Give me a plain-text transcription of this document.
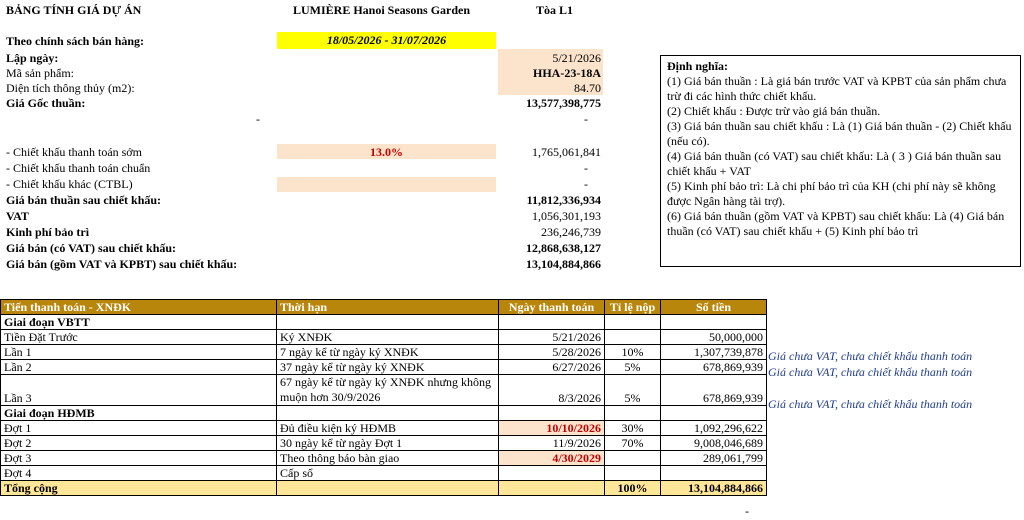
BẢNG TÍNH GIÁ DỰ ÁN	LUMIÈRE Hanoi Seasons Garden	Tòa L1
Theo chính sách bán hàng:	18/05/2026 - 31/07/2026
Lập ngày:	5/21/2026
Mã sản phẩm:	HHA-23-18A
Diện tích thông thủy (m2):	84.70
Giá Gốc thuần:	13,577,398,775
-	-
- Chiết khấu thanh toán sớm	13.0%	1,765,061,841
- Chiết khấu thanh toán chuẩn	-
- Chiết khấu khác (CTBL)	-
Giá bán thuần sau chiết khấu:	11,812,336,934
VAT	1,056,301,193
Kinh phí bảo trì	236,246,739
Giá bán (có VAT) sau chiết khấu:	12,868,638,127
Giá bán (gồm VAT và KPBT) sau chiết khấu:	13,104,884,866
Định nghĩa:
(1) Giá bán thuần : Là giá bán trước VAT và KPBT của sản phẩm chưa trừ đi các hình thức chiết khấu.
(2) Chiết khấu : Được trừ vào giá bán thuần.
(3) Giá bán thuần sau chiết khấu : Là (1) Giá bán thuần - (2) Chiết khấu (nếu có).
(4) Giá bán thuần (có VAT) sau chiết khấu: Là ( 3 ) Giá bán thuần sau chiết khấu + VAT
(5) Kinh phí bảo trì: Là chi phí bảo trì của KH (chi phí này sẽ không được Ngân hàng tài trợ).
(6) Giá bán thuần (gồm VAT và KPBT) sau chiết khấu: Là (4) Giá bán thuần (có VAT) sau chiết khấu + (5) Kinh phí bảo trì
Tiến thanh toán - XNĐK	Thời hạn	Ngày thanh toán	Tỉ lệ nộp	Số tiền
Giai đoạn VBTT				
Tiền Đặt Trước	Ký XNĐK	5/21/2026		50,000,000
Lần 1	7 ngày kể từ ngày ký XNĐK	5/28/2026	10%	1,307,739,878
Lần 2	37 ngày kể từ ngày ký XNĐK	6/27/2026	5%	678,869,939
Lần 3	67 ngày kể từ ngày ký XNĐK nhưng không muộn hơn 30/9/2026	8/3/2026	5%	678,869,939
Giai đoạn HĐMB				
Đợt 1	Đủ điều kiện ký HĐMB	10/10/2026	30%	1,092,296,622
Đợt 2	30 ngày kể từ ngày Đợt 1	11/9/2026	70%	9,008,046,689
Đợt 3	Theo thông báo bàn giao	4/30/2029		289,061,799
Đợt 4	Cấp sổ			
Tổng cộng			100%	13,104,884,866
Giá chưa VAT, chưa chiết khấu thanh toán
Giá chưa VAT, chưa chiết khấu thanh toán
Giá chưa VAT, chưa chiết khấu thanh toán
-
